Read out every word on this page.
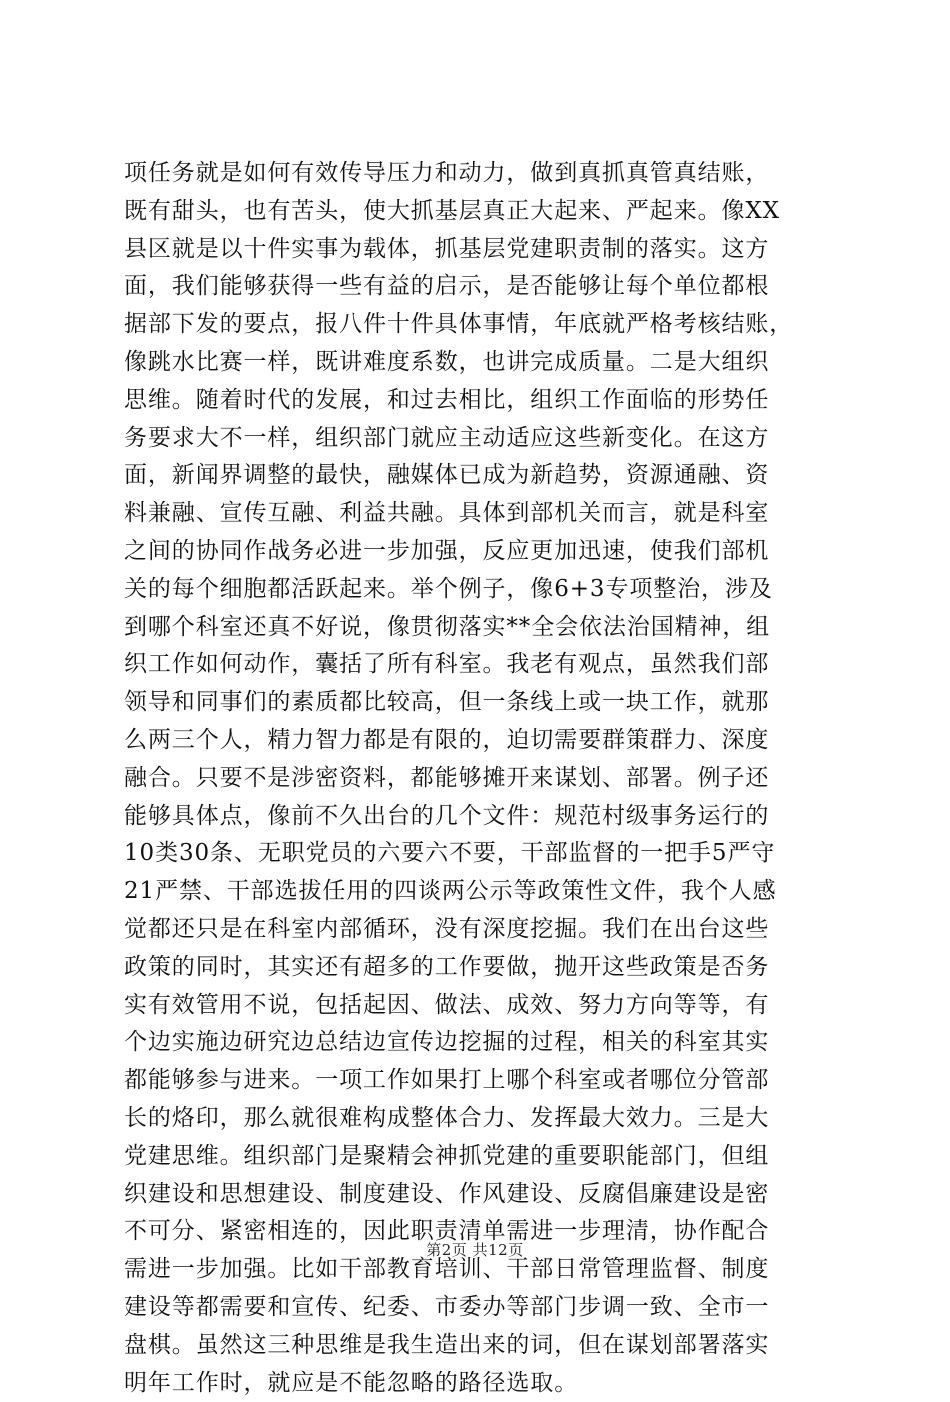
项任务就是如何有效传导压力和动力，做到真抓真管真结账，
既有甜头，也有苦头，使大抓基层真正大起来、严起来。像XX
县区就是以十件实事为载体，抓基层党建职责制的落实。这方
面，我们能够获得一些有益的启示，是否能够让每个单位都根
据部下发的要点，报八件十件具体事情，年底就严格考核结账，
像跳水比赛一样，既讲难度系数，也讲完成质量。二是大组织
思维。随着时代的发展，和过去相比，组织工作面临的形势任
务要求大不一样，组织部门就应主动适应这些新变化。在这方
面，新闻界调整的最快，融媒体已成为新趋势，资源通融、资
料兼融、宣传互融、利益共融。具体到部机关而言，就是科室
之间的协同作战务必进一步加强，反应更加迅速，使我们部机
关的每个细胞都活跃起来。举个例子，像6+3专项整治，涉及
到哪个科室还真不好说，像贯彻落实**全会依法治国精神，组
织工作如何动作，囊括了所有科室。我老有观点，虽然我们部
领导和同事们的素质都比较高，但一条线上或一块工作，就那
么两三个人，精力智力都是有限的，迫切需要群策群力、深度
融合。只要不是涉密资料，都能够摊开来谋划、部署。例子还
能够具体点，像前不久出台的几个文件：规范村级事务运行的
10类30条、无职党员的六要六不要，干部监督的一把手5严守
21严禁、干部选拔任用的四谈两公示等政策性文件，我个人感
觉都还只是在科室内部循环，没有深度挖掘。我们在出台这些
政策的同时，其实还有超多的工作要做，抛开这些政策是否务
实有效管用不说，包括起因、做法、成效、努力方向等等，有
个边实施边研究边总结边宣传边挖掘的过程，相关的科室其实
都能够参与进来。一项工作如果打上哪个科室或者哪位分管部
长的烙印，那么就很难构成整体合力、发挥最大效力。三是大
党建思维。组织部门是聚精会神抓党建的重要职能部门，但组
织建设和思想建设、制度建设、作风建设、反腐倡廉建设是密
不可分、紧密相连的，因此职责清单需进一步理清，协作配合
需进一步加强。比如干部教育培训、干部日常管理监督、制度
建设等都需要和宣传、纪委、市委办等部门步调一致、全市一
盘棋。虽然这三种思维是我生造出来的词，但在谋划部署落实
明年工作时，就应是不能忽略的路径选取。
第2页 共12页
